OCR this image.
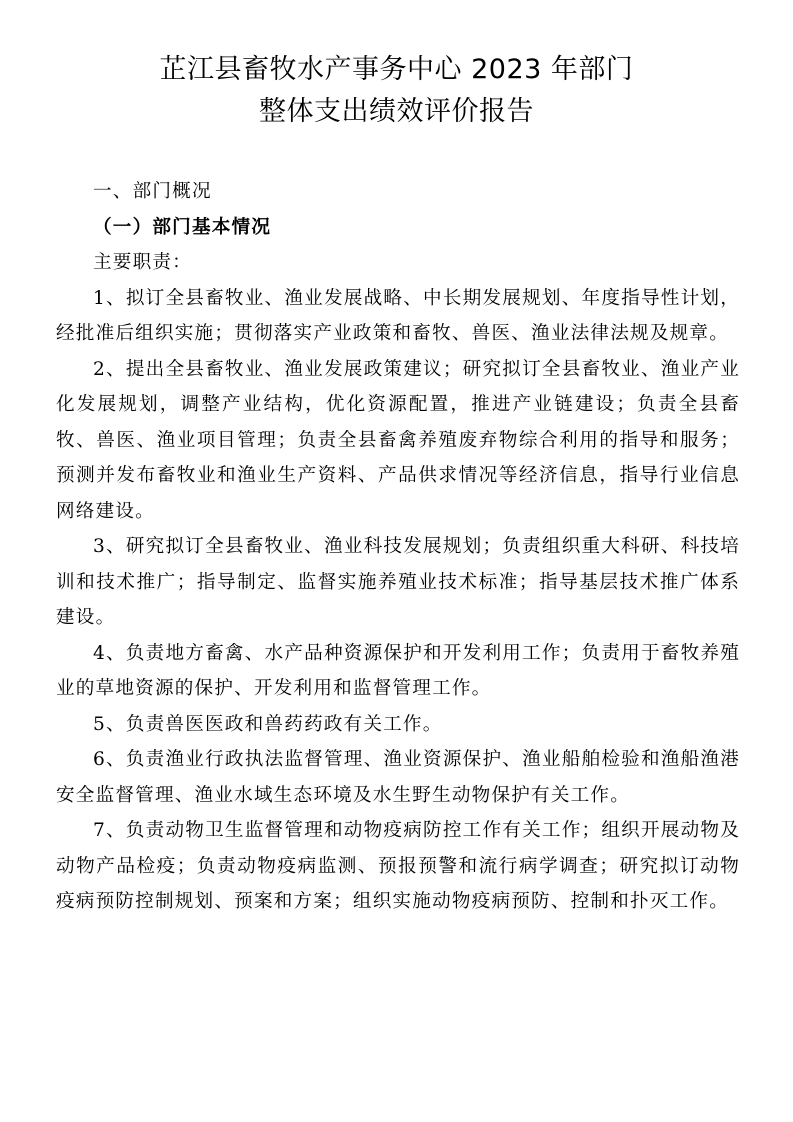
芷江县畜牧水产事务中心 2023 年部门
整体支出绩效评价报告

一、部门概况

（一）部门基本情况

主要职责：

1、拟订全县畜牧业、渔业发展战略、中长期发展规划、年度指导性计划，经批准后组织实施；贯彻落实产业政策和畜牧、兽医、渔业法律法规及规章。

2、提出全县畜牧业、渔业发展政策建议；研究拟订全县畜牧业、渔业产业化发展规划，调整产业结构，优化资源配置，推进产业链建设；负责全县畜牧、兽医、渔业项目管理；负责全县畜禽养殖废弃物综合利用的指导和服务；预测并发布畜牧业和渔业生产资料、产品供求情况等经济信息，指导行业信息网络建设。

3、研究拟订全县畜牧业、渔业科技发展规划；负责组织重大科研、科技培训和技术推广；指导制定、监督实施养殖业技术标准；指导基层技术推广体系建设。

4、负责地方畜禽、水产品种资源保护和开发利用工作；负责用于畜牧养殖业的草地资源的保护、开发利用和监督管理工作。

5、负责兽医医政和兽药药政有关工作。

6、负责渔业行政执法监督管理、渔业资源保护、渔业船舶检验和渔船渔港安全监督管理、渔业水域生态环境及水生野生动物保护有关工作。

7、负责动物卫生监督管理和动物疫病防控工作有关工作；组织开展动物及动物产品检疫；负责动物疫病监测、预报预警和流行病学调查；研究拟订动物疫病预防控制规划、预案和方案；组织实施动物疫病预防、控制和扑灭工作。
